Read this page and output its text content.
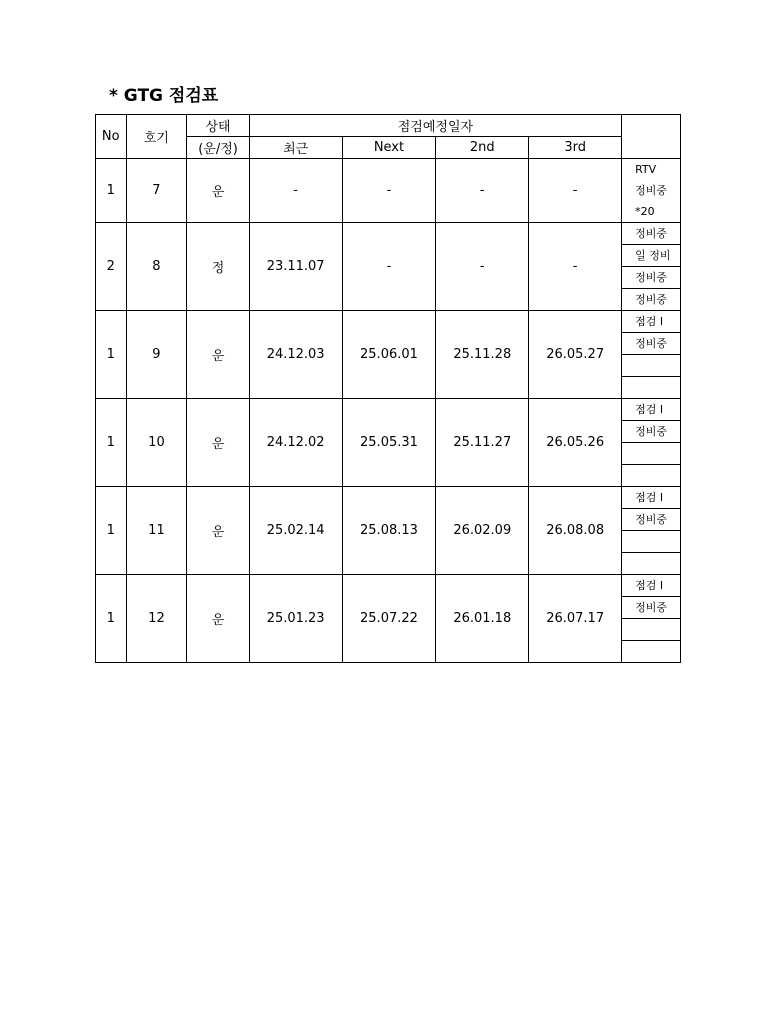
* GTG 점검표
No	호기	상태	점검예정일자				
		(운/정)	최근	Next	2nd	3rd	
1	7	운	-	-	-	-	RTV
							정비중
							*20
2	8	정	23.11.07	-	-	-	정비중
							일 정비
							정비중
							정비중
1	9	운	24.12.03	25.06.01	25.11.28	26.05.27	점검 I
							정비중

1	10	운	24.12.02	25.05.31	25.11.27	26.05.26	점검 I
							정비중

1	11	운	25.02.14	25.08.13	26.02.09	26.08.08	점검 I
							정비중

1	12	운	25.01.23	25.07.22	26.01.18	26.07.17	점검 I
							정비중
